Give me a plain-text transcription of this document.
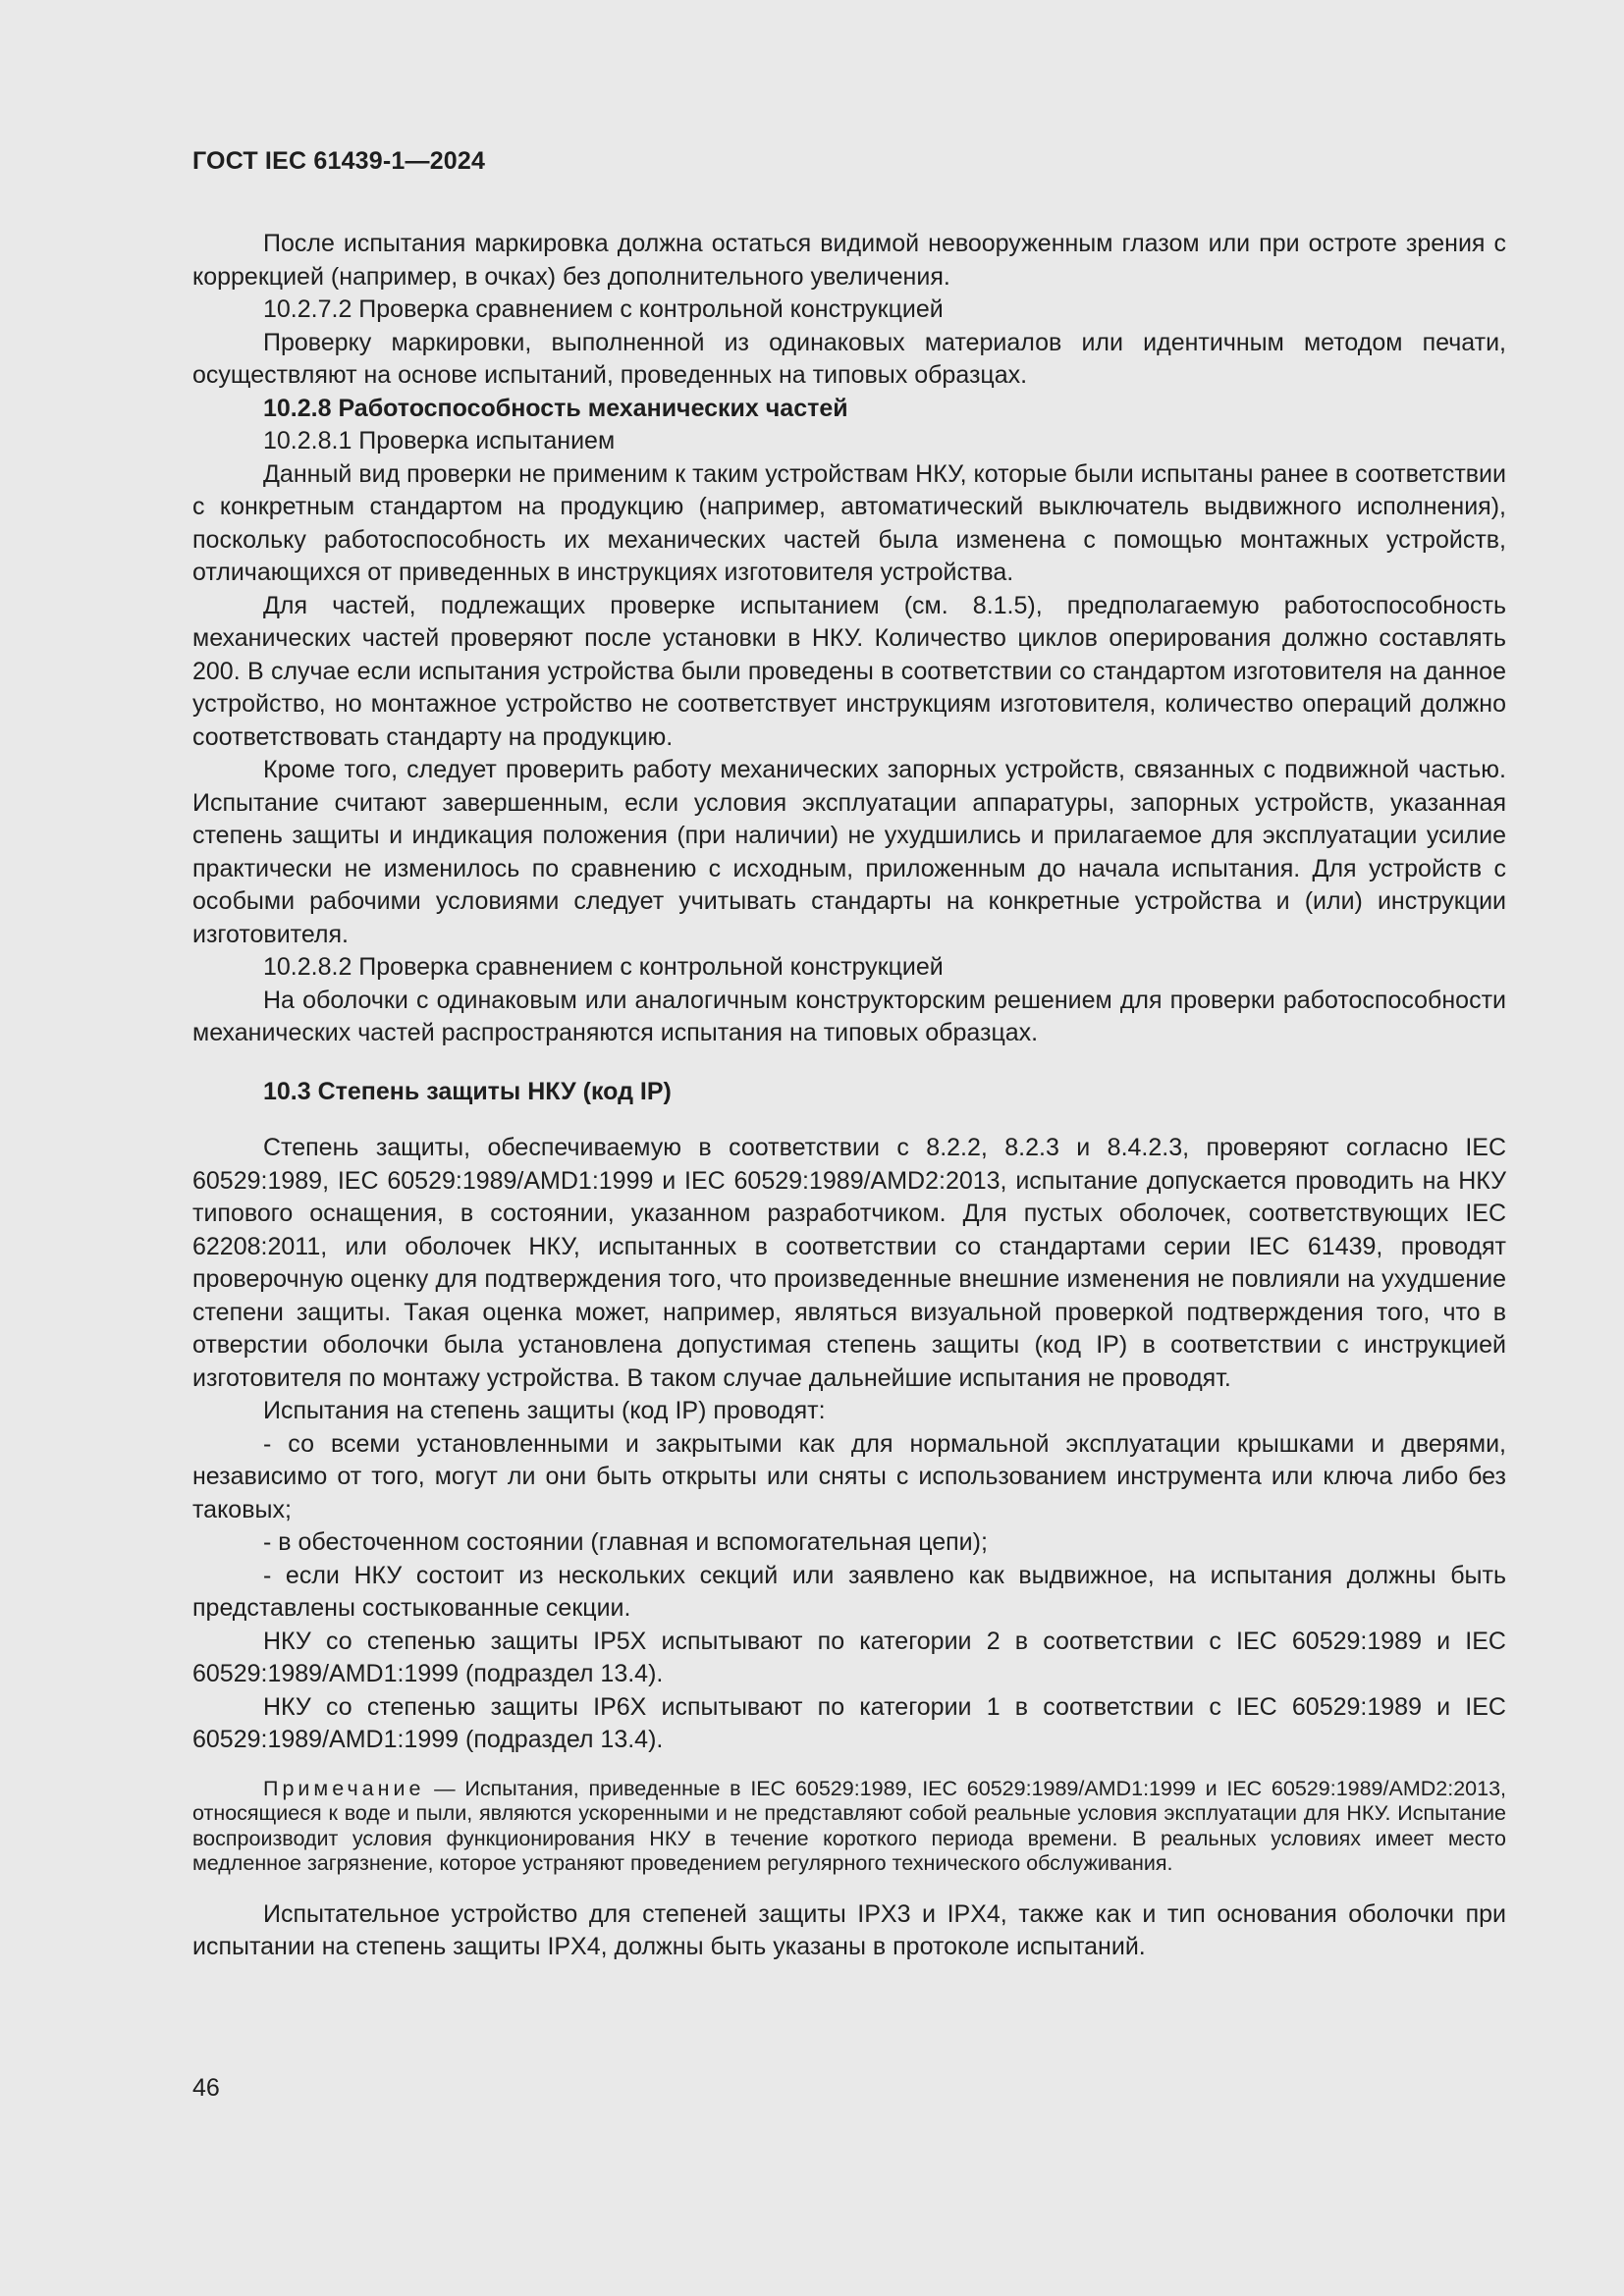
ГОСТ IEC 61439-1—2024

После испытания маркировка должна остаться видимой невооруженным глазом или при остроте зрения с коррекцией (например, в очках) без дополнительного увеличения.

10.2.7.2 Проверка сравнением с контрольной конструкцией

Проверку маркировки, выполненной из одинаковых материалов или идентичным методом печати, осуществляют на основе испытаний, проведенных на типовых образцах.

10.2.8 Работоспособность механических частей

10.2.8.1 Проверка испытанием

Данный вид проверки не применим к таким устройствам НКУ, которые были испытаны ранее в соответствии с конкретным стандартом на продукцию (например, автоматический выключатель выдвижного исполнения), поскольку работоспособность их механических частей была изменена с помощью монтажных устройств, отличающихся от приведенных в инструкциях изготовителя устройства.

Для частей, подлежащих проверке испытанием (см. 8.1.5), предполагаемую работоспособность механических частей проверяют после установки в НКУ. Количество циклов оперирования должно составлять 200. В случае если испытания устройства были проведены в соответствии со стандартом изготовителя на данное устройство, но монтажное устройство не соответствует инструкциям изготовителя, количество операций должно соответствовать стандарту на продукцию.

Кроме того, следует проверить работу механических запорных устройств, связанных с подвижной частью. Испытание считают завершенным, если условия эксплуатации аппаратуры, запорных устройств, указанная степень защиты и индикация положения (при наличии) не ухудшились и прилагаемое для эксплуатации усилие практически не изменилось по сравнению с исходным, приложенным до начала испытания. Для устройств с особыми рабочими условиями следует учитывать стандарты на конкретные устройства и (или) инструкции изготовителя.

10.2.8.2 Проверка сравнением с контрольной конструкцией

На оболочки с одинаковым или аналогичным конструкторским решением для проверки работоспособности механических частей распространяются испытания на типовых образцах.

10.3 Степень защиты НКУ (код IP)

Степень защиты, обеспечиваемую в соответствии с 8.2.2, 8.2.3 и 8.4.2.3, проверяют согласно IEC 60529:1989, IEC 60529:1989/AMD1:1999 и IEC 60529:1989/AMD2:2013, испытание допускается проводить на НКУ типового оснащения, в состоянии, указанном разработчиком. Для пустых оболочек, соответствующих IEC 62208:2011, или оболочек НКУ, испытанных в соответствии со стандартами серии IEC 61439, проводят проверочную оценку для подтверждения того, что произведенные внешние изменения не повлияли на ухудшение степени защиты. Такая оценка может, например, являться визуальной проверкой подтверждения того, что в отверстии оболочки была установлена допустимая степень защиты (код IP) в соответствии с инструкцией изготовителя по монтажу устройства. В таком случае дальнейшие испытания не проводят.

Испытания на степень защиты (код IP) проводят:

- со всеми установленными и закрытыми как для нормальной эксплуатации крышками и дверями, независимо от того, могут ли они быть открыты или сняты с использованием инструмента или ключа либо без таковых;

- в обесточенном состоянии (главная и вспомогательная цепи);

- если НКУ состоит из нескольких секций или заявлено как выдвижное, на испытания должны быть представлены состыкованные секции.

НКУ со степенью защиты IP5X испытывают по категории 2 в соответствии с IEC 60529:1989 и IEC 60529:1989/AMD1:1999 (подраздел 13.4).

НКУ со степенью защиты IP6X испытывают по категории 1 в соответствии с IEC 60529:1989 и IEC 60529:1989/AMD1:1999 (подраздел 13.4).

Примечание — Испытания, приведенные в IEC 60529:1989, IEC 60529:1989/AMD1:1999 и IEC 60529:1989/AMD2:2013, относящиеся к воде и пыли, являются ускоренными и не представляют собой реальные условия эксплуатации для НКУ. Испытание воспроизводит условия функционирования НКУ в течение короткого периода времени. В реальных условиях имеет место медленное загрязнение, которое устраняют проведением регулярного технического обслуживания.

Испытательное устройство для степеней защиты IPX3 и IPX4, также как и тип основания оболочки при испытании на степень защиты IPX4, должны быть указаны в протоколе испытаний.

46
